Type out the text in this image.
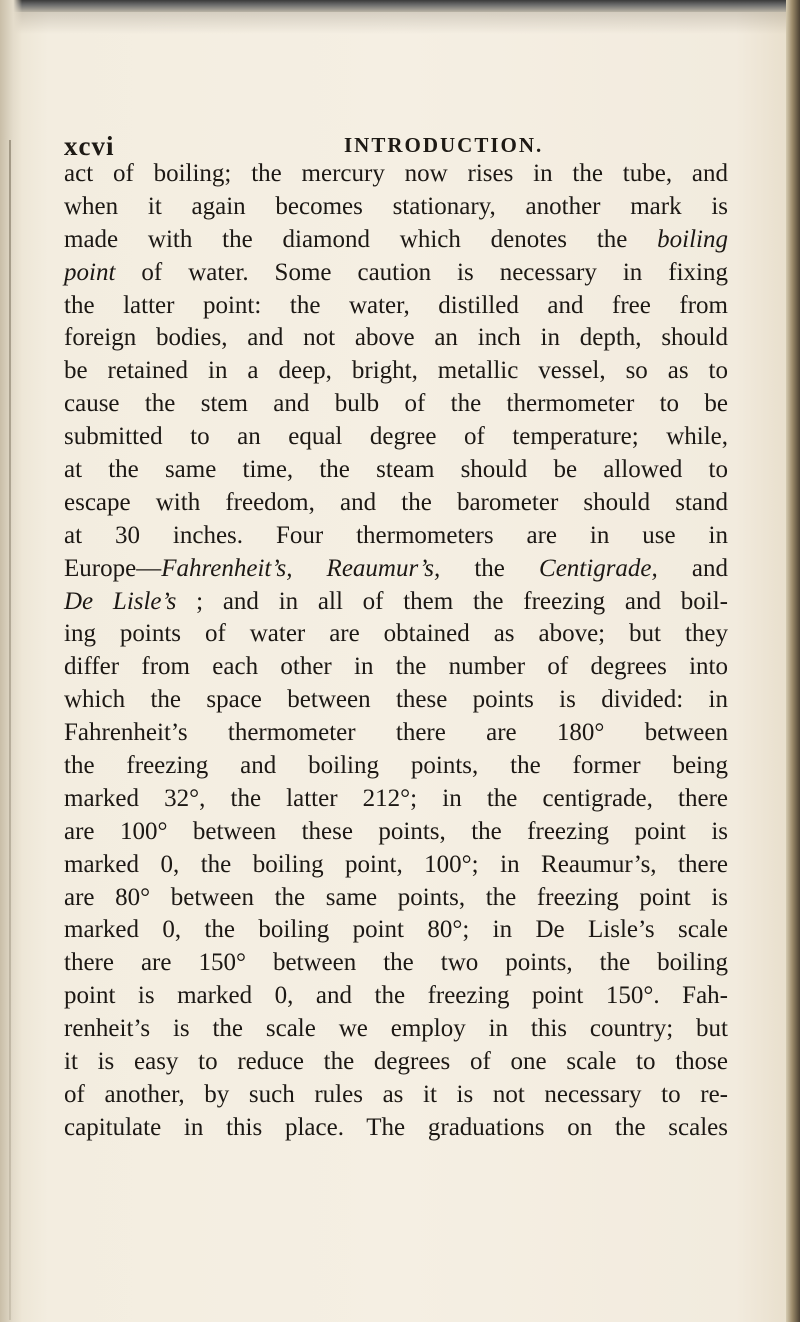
xcvi	INTRODUCTION.
act of boiling; the mercury now rises in the tube, and
when it again becomes stationary, another mark is
made with the diamond which denotes the boiling
point of water. Some caution is necessary in fixing
the latter point: the water, distilled and free from
foreign bodies, and not above an inch in depth, should
be retained in a deep, bright, metallic vessel, so as to
cause the stem and bulb of the thermometer to be
submitted to an equal degree of temperature; while,
at the same time, the steam should be allowed to
escape with freedom, and the barometer should stand
at 30 inches. Four thermometers are in use in
Europe—Fahrenheit’s, Reaumur’s, the Centigrade, and
De Lisle’s ; and in all of them the freezing and boil-
ing points of water are obtained as above; but they
differ from each other in the number of degrees into
which the space between these points is divided: in
Fahrenheit’s thermometer there are 180° between
the freezing and boiling points, the former being
marked 32°, the latter 212°; in the centigrade, there
are 100° between these points, the freezing point is
marked 0, the boiling point, 100°; in Reaumur’s, there
are 80° between the same points, the freezing point is
marked 0, the boiling point 80°; in De Lisle’s scale
there are 150° between the two points, the boiling
point is marked 0, and the freezing point 150°. Fah-
renheit’s is the scale we employ in this country; but
it is easy to reduce the degrees of one scale to those
of another, by such rules as it is not necessary to re-
capitulate in this place. The graduations on the scales
